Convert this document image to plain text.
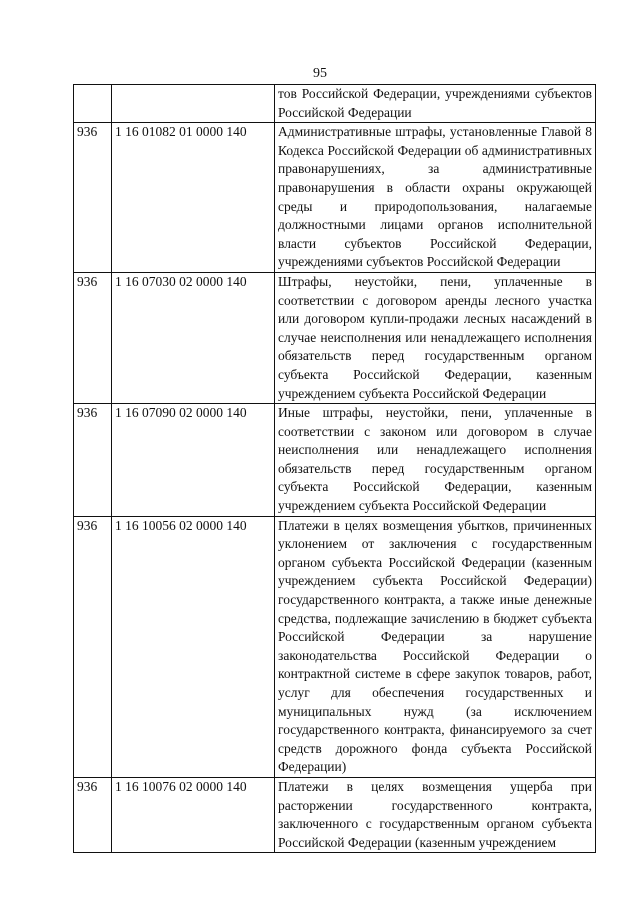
95
		тов Российской Федерации, учреждениями субъектов Российской Федерации
936	1 16 01082 01 0000 140	Административные штрафы, установленные Главой 8 Кодекса Российской Федерации об административных правонарушениях, за административные правонарушения в области охраны окружающей среды и природопользования, налагаемые должностными лицами органов исполнительной власти субъектов Российской Федерации, учреждениями субъектов Российской Федерации
936	1 16 07030 02 0000 140	Штрафы, неустойки, пени, уплаченные в соответствии с договором аренды лесного участка или договором купли-продажи лесных насаждений в случае неисполнения или ненадлежащего исполнения обязательств перед государственным органом субъекта Российской Федерации, казенным учреждением субъекта Российской Федерации
936	1 16 07090 02 0000 140	Иные штрафы, неустойки, пени, уплаченные в соответствии с законом или договором в случае неисполнения или ненадлежащего исполнения обязательств перед государственным органом субъекта Российской Федерации, казенным учреждением субъекта Российской Федерации
936	1 16 10056 02 0000 140	Платежи в целях возмещения убытков, причиненных уклонением от заключения с государственным органом субъекта Российской Федерации (казенным учреждением субъекта Российской Федерации) государственного контракта, а также иные денежные средства, подлежащие зачислению в бюджет субъекта Российской Федерации за нарушение законодательства Российской Федерации о контрактной системе в сфере закупок товаров, работ, услуг для обеспечения государственных и муниципальных нужд (за исключением государственного контракта, финансируемого за счет средств дорожного фонда субъекта Российской Федерации)
936	1 16 10076 02 0000 140	Платежи в целях возмещения ущерба при расторжении государственного контракта, заключенного с государственным органом субъекта Российской Федерации (казенным учреждением
